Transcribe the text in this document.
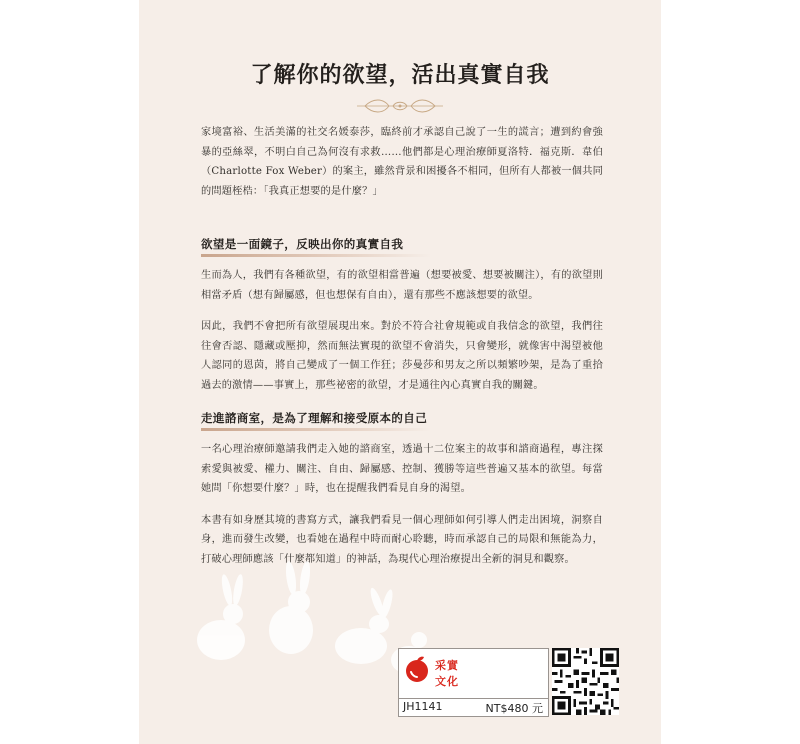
了解你的欲望，活出真實自我

家境富裕、生活美滿的社交名媛泰莎，臨終前才承認自己說了一生的謊言；遭到約會強暴的亞絲翠，不明白自己為何沒有求救……他們都是心理治療師夏洛特．福克斯．韋伯（Charlotte Fox Weber）的案主，雖然背景和困擾各不相同，但所有人都被一個共同的問題桎梏：「我真正想要的是什麼？」

欲望是一面鏡子，反映出你的真實自我

生而為人，我們有各種欲望，有的欲望相當普遍（想要被愛、想要被關注），有的欲望則相當矛盾（想有歸屬感，但也想保有自由），還有那些不應該想要的欲望。

因此，我們不會把所有欲望展現出來。對於不符合社會規範或自我信念的欲望，我們往往會否認、隱藏或壓抑，然而無法實現的欲望不會消失，只會變形，就像害中渴望被他人認同的恩茵，將自己變成了一個工作狂；莎曼莎和男友之所以頻繁吵架，是為了重拾過去的激情——事實上，那些祕密的欲望，才是通往內心真實自我的關鍵。

走進諮商室，是為了理解和接受原本的自己

一名心理治療師邀請我們走入她的諮商室，透過十二位案主的故事和諮商過程，專注探索愛與被愛、權力、關注、自由、歸屬感、控制、獲勝等這些普遍又基本的欲望。每當她問「你想要什麼？」時，也在提醒我們看見自身的渴望。

本書有如身歷其境的書寫方式，讓我們看見一個心理師如何引導人們走出困境，洞察自身，進而發生改變，也看她在過程中時而耐心聆聽，時而承認自己的局限和無能為力，打破心理師應該「什麼都知道」的神話，為現代心理治療提出全新的洞見和觀察。

采實
文化
JH1141	NT$480 元
